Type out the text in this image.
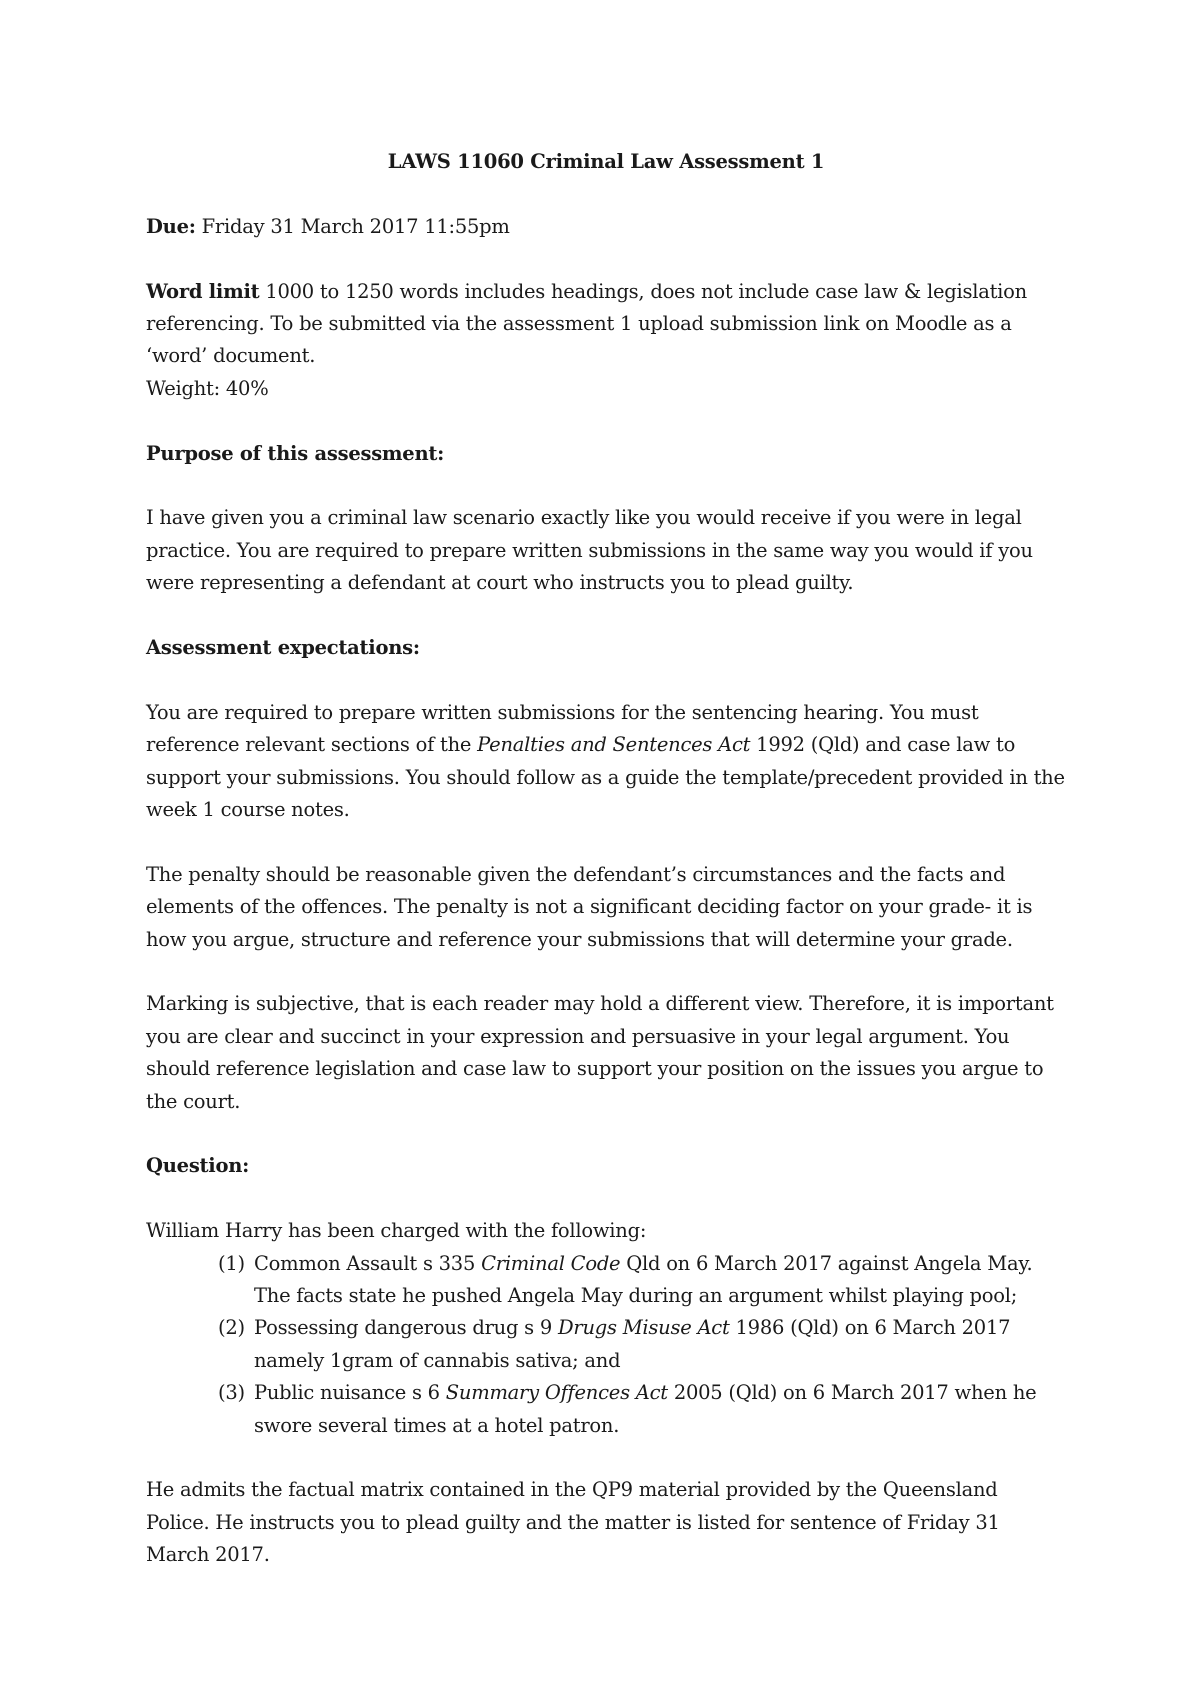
LAWS 11060 Criminal Law Assessment 1

Due: Friday 31 March 2017 11:55pm

Word limit 1000 to 1250 words includes headings, does not include case law & legislation referencing. To be submitted via the assessment 1 upload submission link on Moodle as a ‘word’ document.

Weight: 40%

Purpose of this assessment:

I have given you a criminal law scenario exactly like you would receive if you were in legal practice. You are required to prepare written submissions in the same way you would if you were representing a defendant at court who instructs you to plead guilty.

Assessment expectations:

You are required to prepare written submissions for the sentencing hearing. You must reference relevant sections of the Penalties and Sentences Act 1992 (Qld) and case law to support your submissions. You should follow as a guide the template/precedent provided in the week 1 course notes.

The penalty should be reasonable given the defendant’s circumstances and the facts and elements of the offences. The penalty is not a significant deciding factor on your grade- it is how you argue, structure and reference your submissions that will determine your grade.

Marking is subjective, that is each reader may hold a different view. Therefore, it is important you are clear and succinct in your expression and persuasive in your legal argument. You should reference legislation and case law to support your position on the issues you argue to the court.

Question:

William Harry has been charged with the following:

(1) Common Assault s 335 Criminal Code Qld on 6 March 2017 against Angela May. The facts state he pushed Angela May during an argument whilst playing pool;
(2) Possessing dangerous drug s 9 Drugs Misuse Act 1986 (Qld) on 6 March 2017 namely 1gram of cannabis sativa; and
(3) Public nuisance s 6 Summary Offences Act 2005 (Qld) on 6 March 2017 when he swore several times at a hotel patron.

He admits the factual matrix contained in the QP9 material provided by the Queensland Police. He instructs you to plead guilty and the matter is listed for sentence of Friday 31 March 2017.
